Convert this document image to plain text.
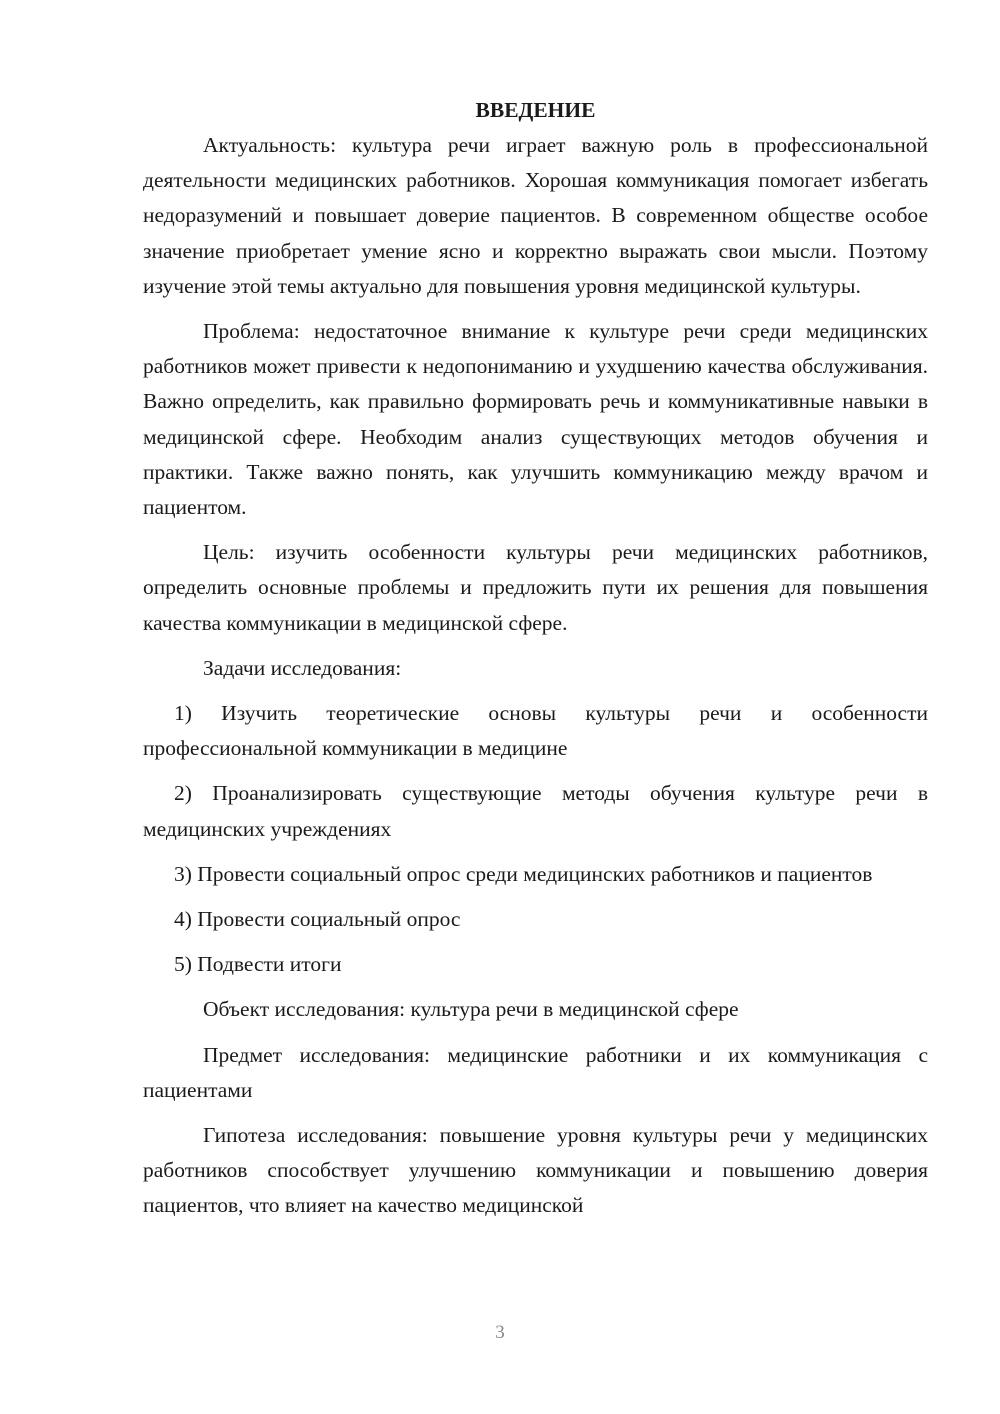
ВВЕДЕНИЕ

Актуальность: культура речи играет важную роль в профессиональной деятельности медицинских работников. Хорошая коммуникация помогает избегать недоразумений и повышает доверие пациентов. В современном обществе особое значение приобретает умение ясно и корректно выражать свои мысли. Поэтому изучение этой темы актуально для повышения уровня медицинской культуры.

Проблема: недостаточное внимание к культуре речи среди медицинских работников может привести к недопониманию и ухудшению качества обслуживания. Важно определить, как правильно формировать речь и коммуникативные навыки в медицинской сфере. Необходим анализ существующих методов обучения и практики. Также важно понять, как улучшить коммуникацию между врачом и пациентом.

Цель: изучить особенности культуры речи медицинских работников, определить основные проблемы и предложить пути их решения для повышения качества коммуникации в медицинской сфере.

Задачи исследования:

1) Изучить теоретические основы культуры речи и особенности профессиональной коммуникации в медицине

2) Проанализировать существующие методы обучения культуре речи в медицинских учреждениях

3) Провести социальный опрос среди медицинских работников и пациентов

4) Провести социальный опрос

5) Подвести итоги

Объект исследования: культура речи в медицинской сфере

Предмет исследования: медицинские работники и их коммуникация с пациентами

Гипотеза исследования: повышение уровня культуры речи у медицинских работников способствует улучшению коммуникации и повышению доверия пациентов, что влияет на качество медицинской

3
